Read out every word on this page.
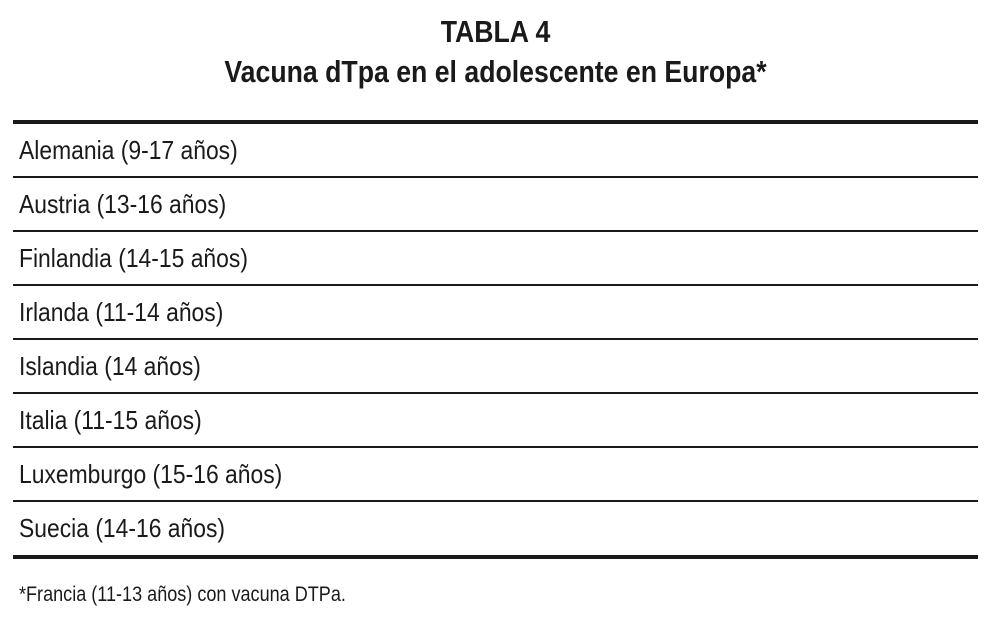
TABLA 4
Vacuna dTpa en el adolescente en Europa*
Alemania (9-17 años)
Austria (13-16 años)
Finlandia (14-15 años)
Irlanda (11-14 años)
Islandia (14 años)
Italia (11-15 años)
Luxemburgo (15-16 años)
Suecia (14-16 años)
*Francia (11-13 años) con vacuna DTPa.
